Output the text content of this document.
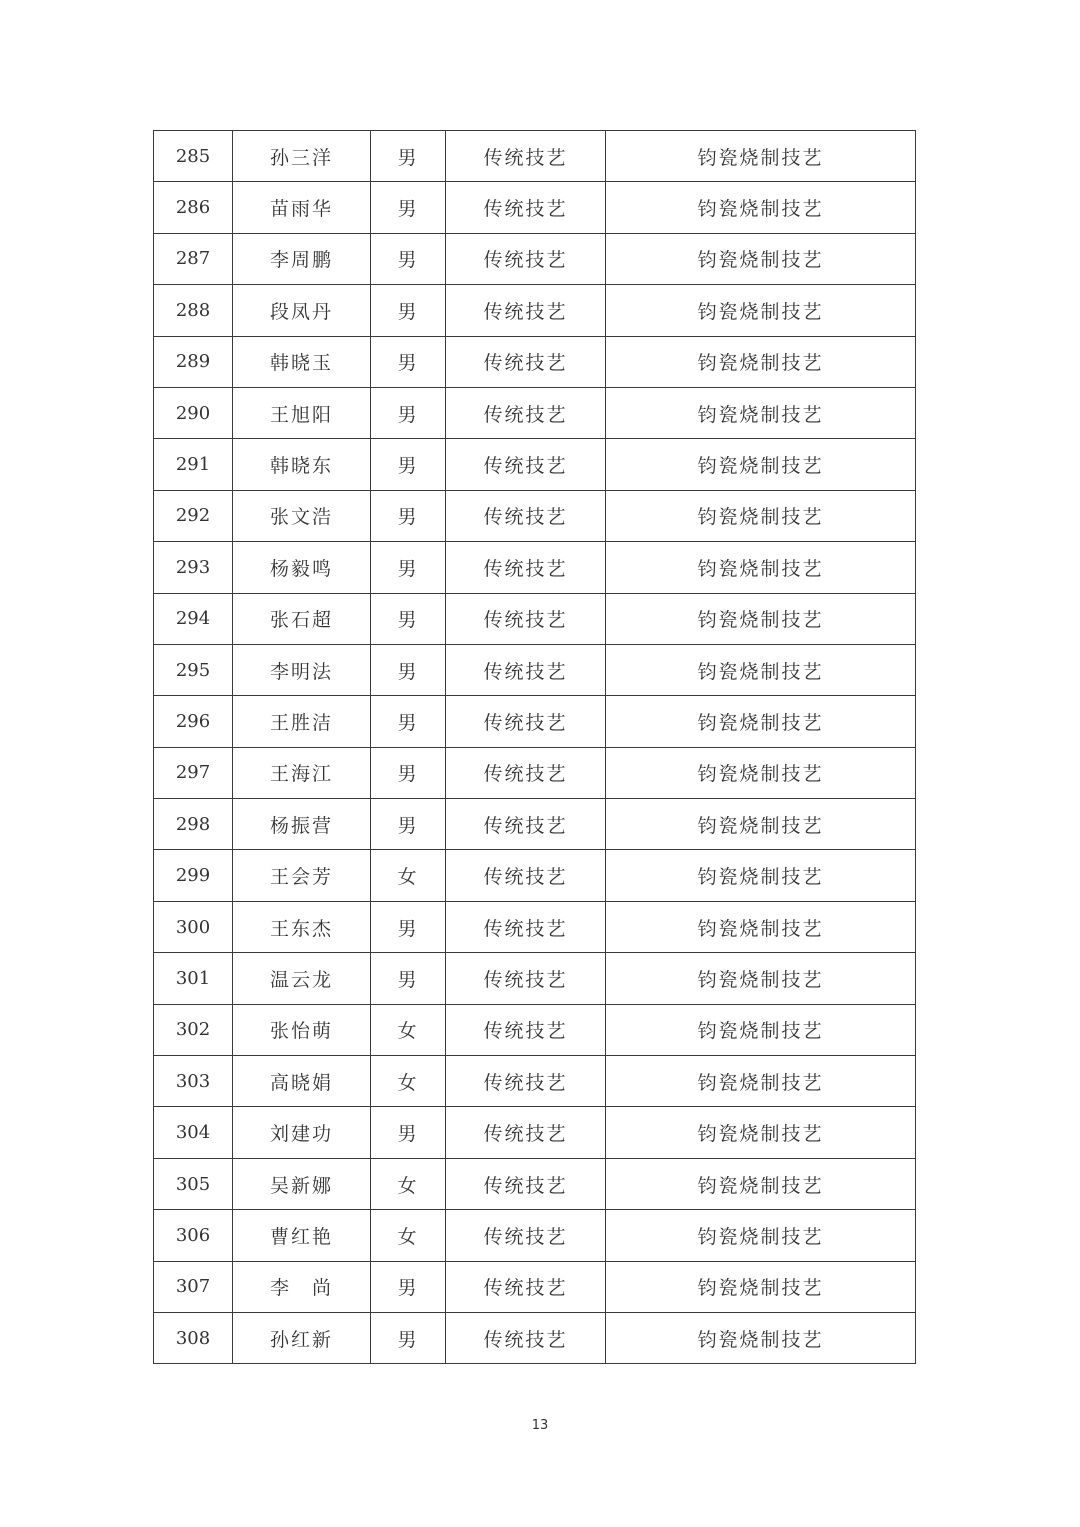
285	孙三洋	男	传统技艺	钧瓷烧制技艺
286	苗雨华	男	传统技艺	钧瓷烧制技艺
287	李周鹏	男	传统技艺	钧瓷烧制技艺
288	段凤丹	男	传统技艺	钧瓷烧制技艺
289	韩晓玉	男	传统技艺	钧瓷烧制技艺
290	王旭阳	男	传统技艺	钧瓷烧制技艺
291	韩晓东	男	传统技艺	钧瓷烧制技艺
292	张文浩	男	传统技艺	钧瓷烧制技艺
293	杨毅鸣	男	传统技艺	钧瓷烧制技艺
294	张石超	男	传统技艺	钧瓷烧制技艺
295	李明法	男	传统技艺	钧瓷烧制技艺
296	王胜洁	男	传统技艺	钧瓷烧制技艺
297	王海江	男	传统技艺	钧瓷烧制技艺
298	杨振营	男	传统技艺	钧瓷烧制技艺
299	王会芳	女	传统技艺	钧瓷烧制技艺
300	王东杰	男	传统技艺	钧瓷烧制技艺
301	温云龙	男	传统技艺	钧瓷烧制技艺
302	张怡萌	女	传统技艺	钧瓷烧制技艺
303	高晓娟	女	传统技艺	钧瓷烧制技艺
304	刘建功	男	传统技艺	钧瓷烧制技艺
305	吴新娜	女	传统技艺	钧瓷烧制技艺
306	曹红艳	女	传统技艺	钧瓷烧制技艺
307	李　尚	男	传统技艺	钧瓷烧制技艺
308	孙红新	男	传统技艺	钧瓷烧制技艺
13
